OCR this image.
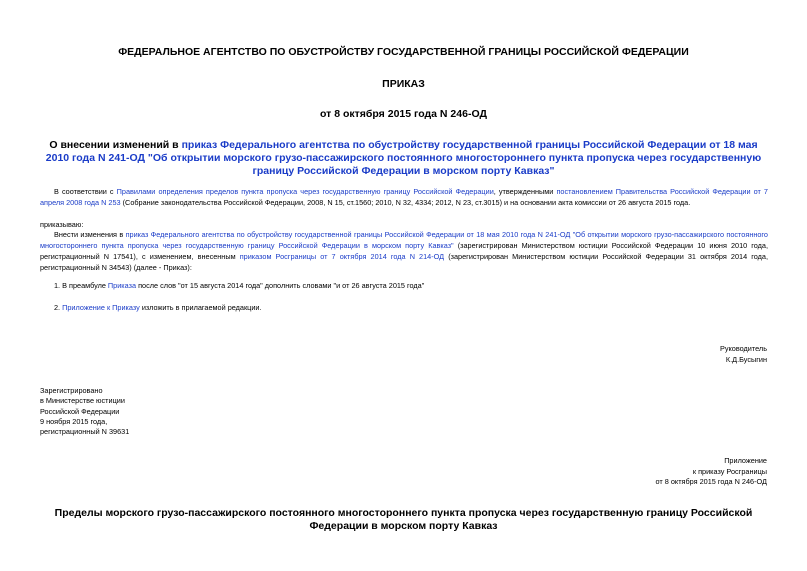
ФЕДЕРАЛЬНОЕ АГЕНТСТВО ПО ОБУСТРОЙСТВУ ГОСУДАРСТВЕННОЙ ГРАНИЦЫ РОССИЙСКОЙ ФЕДЕРАЦИИ
ПРИКАЗ
от 8 октября 2015 года N 246-ОД
О внесении изменений в приказ Федерального агентства по обустройству государственной границы Российской Федерации от 18 мая 2010 года N 241-ОД "Об открытии морского грузо-пассажирского постоянного многостороннего пункта пропуска через государственную границу Российской Федерации в морском порту Кавказ"
В соответствии с Правилами определения пределов пункта пропуска через государственную границу Российской Федерации, утвержденными постановлением Правительства Российской Федерации от 7 апреля 2008 года N 253 (Собрание законодательства Российской Федерации, 2008, N 15, ст.1560; 2010, N 32, 4334; 2012, N 23, ст.3015) и на основании акта комиссии от 26 августа 2015 года.
приказываю:
Внести изменения в приказ Федерального агентства по обустройству государственной границы Российской Федерации от 18 мая 2010 года N 241-ОД "Об открытии морского грузо-пассажирского постоянного многостороннего пункта пропуска через государственную границу Российской Федерации в морском порту Кавказ" (зарегистрирован Министерством юстиции Российской Федерации 10 июня 2010 года, регистрационный N 17541), с изменением, внесенным приказом Росграницы от 7 октября 2014 года N 214-ОД (зарегистрирован Министерством юстиции Российской Федерации 31 октября 2014 года, регистрационный N 34543) (далее - Приказ):
1. В преамбуле Приказа после слов "от 15 августа 2014 года" дополнить словами "и от 26 августа 2015 года"
2. Приложение к Приказу изложить в прилагаемой редакции.
Руководитель
К.Д.Бусыгин
Зарегистрировано
в Министерстве юстиции
Российской Федерации
9 ноября 2015 года,
регистрационный N 39631
Приложение
к приказу Росграницы
от 8 октября 2015 года N 246-ОД
Пределы морского грузо-пассажирского постоянного многостороннего пункта пропуска через государственную границу Российской Федерации в морском порту Кавказ
